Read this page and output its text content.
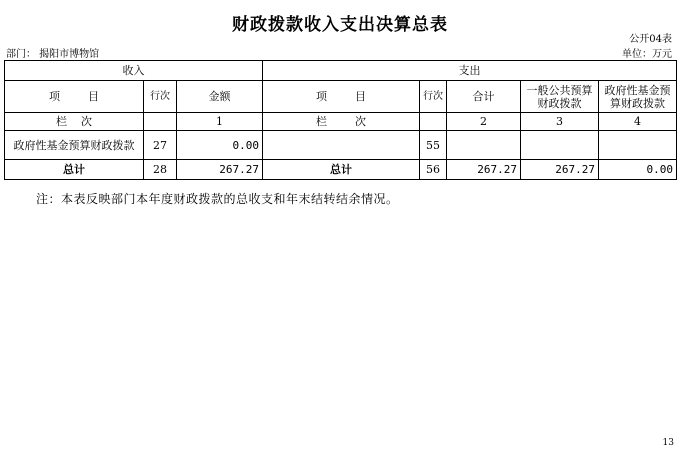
财政拨款收入支出决算总表
公开04表
部门： 揭阳市博物馆	单位：万元
收入			支出				
项        目	行次	金额	项        目	行次	合计	一般公共预算财政拨款	政府性基金预算财政拨款
栏    次		1	栏        次		2	3	4
政府性基金预算财政拨款	27	0.00		55			
总计	28	267.27	总计	56	267.27	267.27	0.00
注：本表反映部门本年度财政拨款的总收支和年末结转结余情况。
13
